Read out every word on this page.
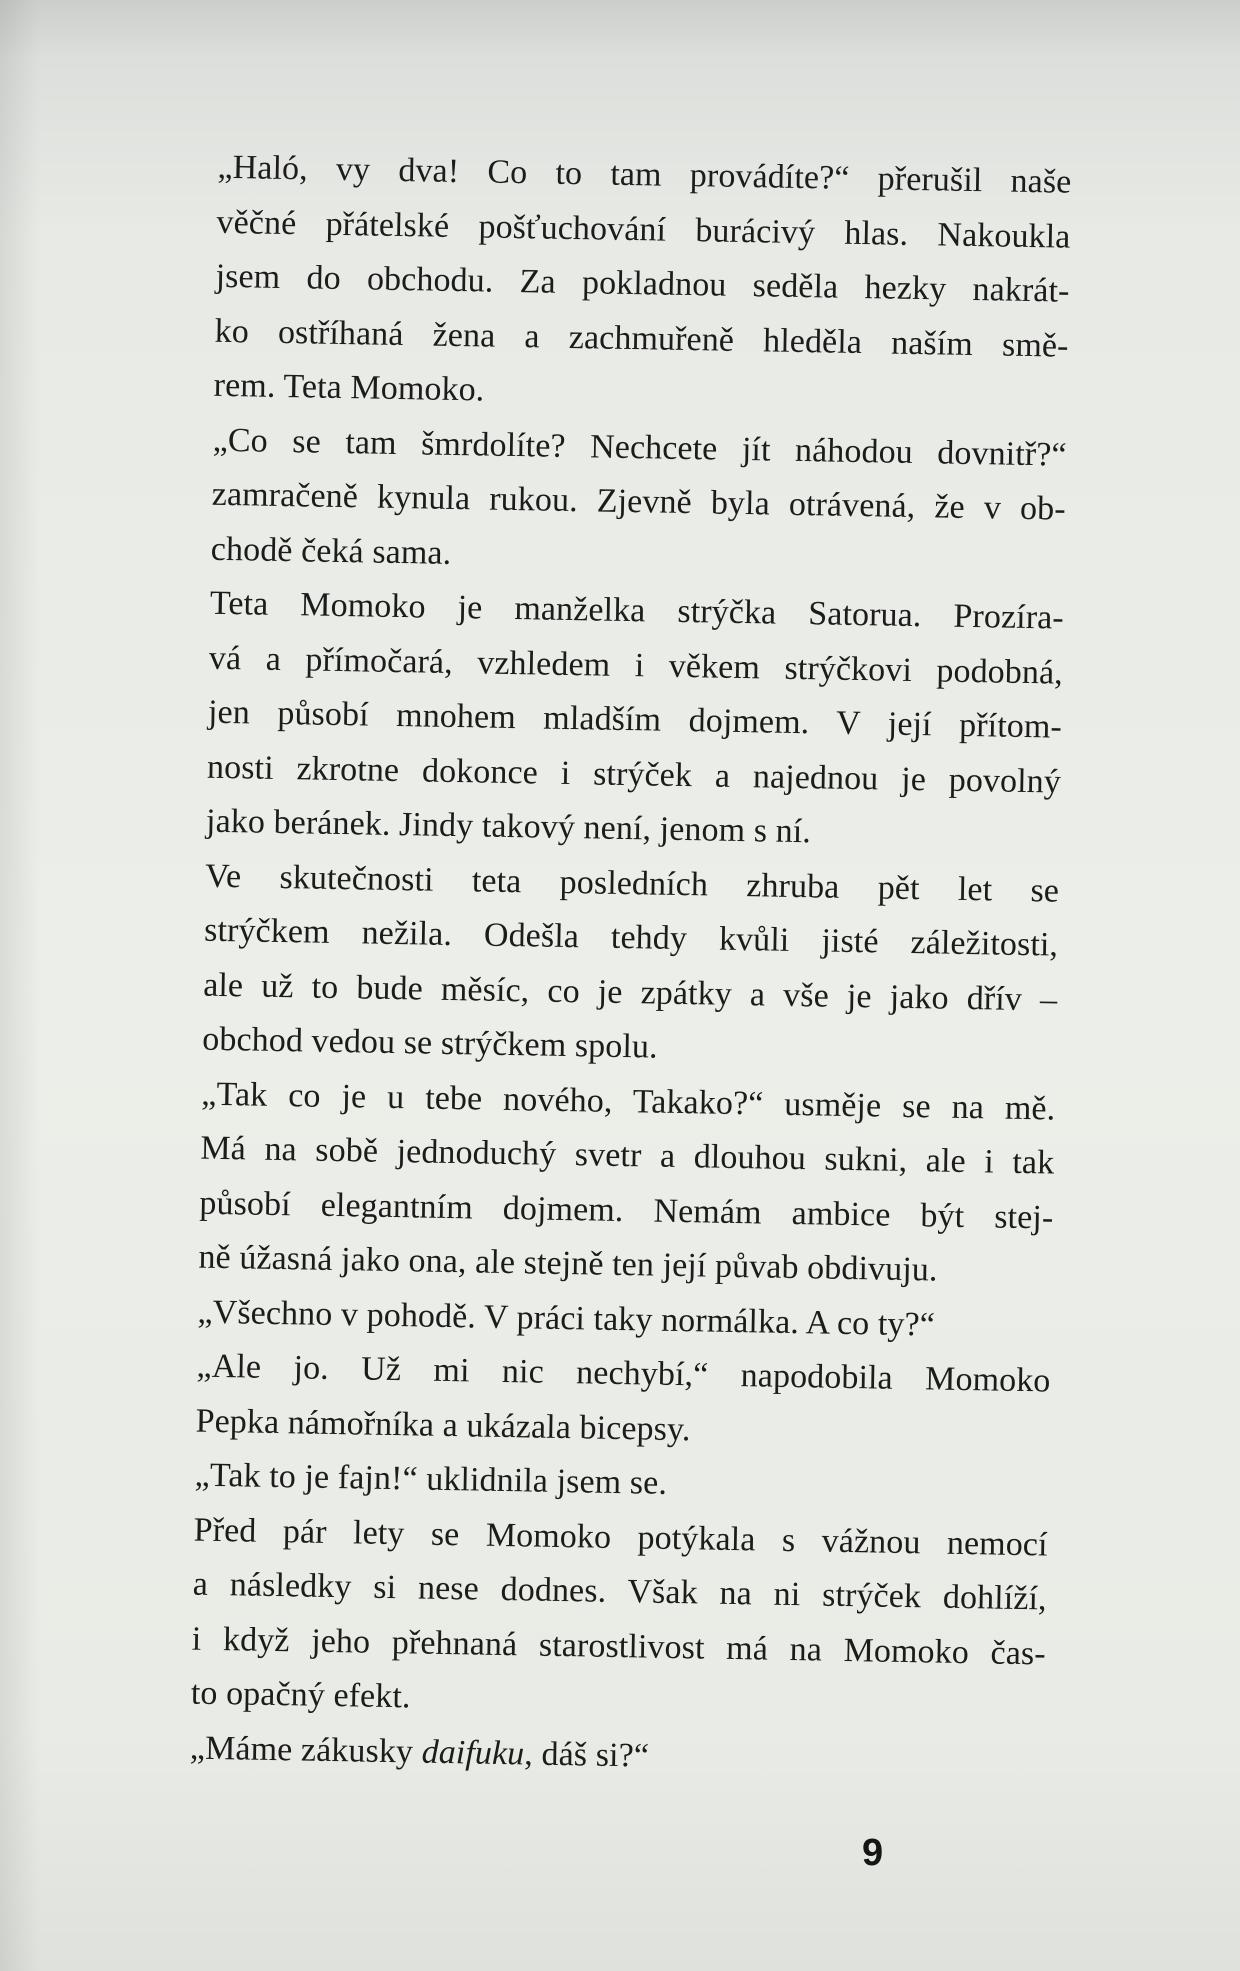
„Haló, vy dva! Co to tam provádíte?“ přerušil naše
věčné přátelské pošťuchování burácivý hlas. Nakoukla
jsem do obchodu. Za pokladnou seděla hezky nakrát-
ko ostříhaná žena a zachmuřeně hleděla naším smě-
rem. Teta Momoko.

„Co se tam šmrdolíte? Nechcete jít náhodou dovnitř?“
zamračeně kynula rukou. Zjevně byla otrávená, že v ob-
chodě čeká sama.

Teta Momoko je manželka strýčka Satorua. Prozíra-
vá a přímočará, vzhledem i věkem strýčkovi podobná,
jen působí mnohem mladším dojmem. V její přítom-
nosti zkrotne dokonce i strýček a najednou je povolný
jako beránek. Jindy takový není, jenom s ní.

Ve skutečnosti teta posledních zhruba pět let se
strýčkem nežila. Odešla tehdy kvůli jisté záležitosti,
ale už to bude měsíc, co je zpátky a vše je jako dřív –
obchod vedou se strýčkem spolu.

„Tak co je u tebe nového, Takako?“ usměje se na mě.
Má na sobě jednoduchý svetr a dlouhou sukni, ale i tak
působí elegantním dojmem. Nemám ambice být stej-
ně úžasná jako ona, ale stejně ten její půvab obdivuju.

„Všechno v pohodě. V práci taky normálka. A co ty?“

„Ale jo. Už mi nic nechybí,“ napodobila Momoko
Pepka námořníka a ukázala bicepsy.

„Tak to je fajn!“ uklidnila jsem se.

Před pár lety se Momoko potýkala s vážnou nemocí
a následky si nese dodnes. Však na ni strýček dohlíží,
i když jeho přehnaná starostlivost má na Momoko čas-
to opačný efekt.

„Máme zákusky daifuku, dáš si?“

9
